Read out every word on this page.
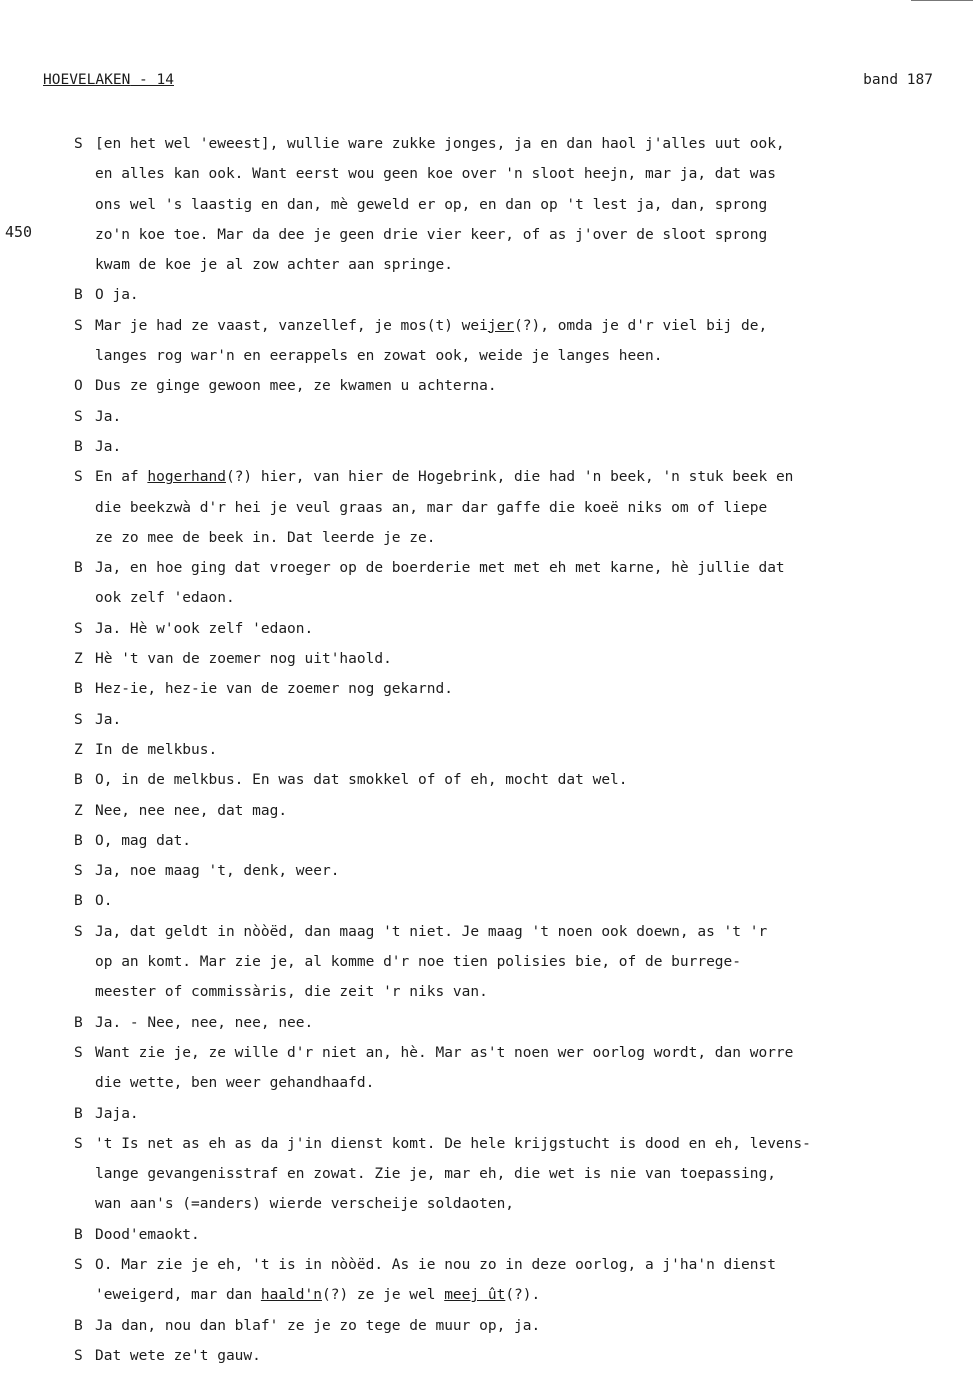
HOEVELAKEN - 14	band 187
450
S [en het wel 'eweest], wullie ware zukke jonges, ja en dan haol j'alles uut ook,
en alles kan ook. Want eerst wou geen koe over 'n sloot heejn, mar ja, dat was
ons wel 's laastig en dan, mè geweld er op, en dan op 't lest ja, dan, sprong
zo'n koe toe. Mar da dee je geen drie vier keer, of as j'over de sloot sprong
kwam de koe je al zow achter aan springe.
B O ja.
S Mar je had ze vaast, vanzellef, je mos(t) weijer(?), omda je d'r viel bij de,
langes rog war'n en eerappels en zowat ook, weide je langes heen.
O Dus ze ginge gewoon mee, ze kwamen u achterna.
S Ja.
B Ja.
S En af hogerhand(?) hier, van hier de Hogebrink, die had 'n beek, 'n stuk beek en
die beekzwà d'r hei je veul graas an, mar dar gaffe die koeë niks om of liepe
ze zo mee de beek in. Dat leerde je ze.
B Ja, en hoe ging dat vroeger op de boerderie met met eh met karne, hè jullie dat
ook zelf 'edaon.
S Ja. Hè w'ook zelf 'edaon.
Z Hè 't van de zoemer nog uit'haold.
B Hez-ie, hez-ie van de zoemer nog gekarnd.
S Ja.
Z In de melkbus.
B O, in de melkbus. En was dat smokkel of of eh, mocht dat wel.
Z Nee, nee nee, dat mag.
B O, mag dat.
S Ja, noe maag 't, denk, weer.
B O.
S Ja, dat geldt in nòòëd, dan maag 't niet. Je maag 't noen ook doewn, as 't 'r
op an komt. Mar zie je, al komme d'r noe tien polisies bie, of de burrege-
meester of commissàris, die zeit 'r niks van.
B Ja. - Nee, nee, nee, nee.
S Want zie je, ze wille d'r niet an, hè. Mar as't noen wer oorlog wordt, dan worre
die wette, ben weer gehandhaafd.
B Jaja.
S 't Is net as eh as da j'in dienst komt. De hele krijgstucht is dood en eh, levens-
lange gevangenisstraf en zowat. Zie je, mar eh, die wet is nie van toepassing,
wan aan's (=anders) wierde verscheije soldaoten,
B Dood'emaokt.
S O. Mar zie je eh, 't is in nòòëd. As ie nou zo in deze oorlog, a j'ha'n dienst
'eweigerd, mar dan haald'n(?) ze je wel meej ût(?).
B Ja dan, nou dan blaf' ze je zo tege de muur op, ja.
S Dat wete ze't gauw.
